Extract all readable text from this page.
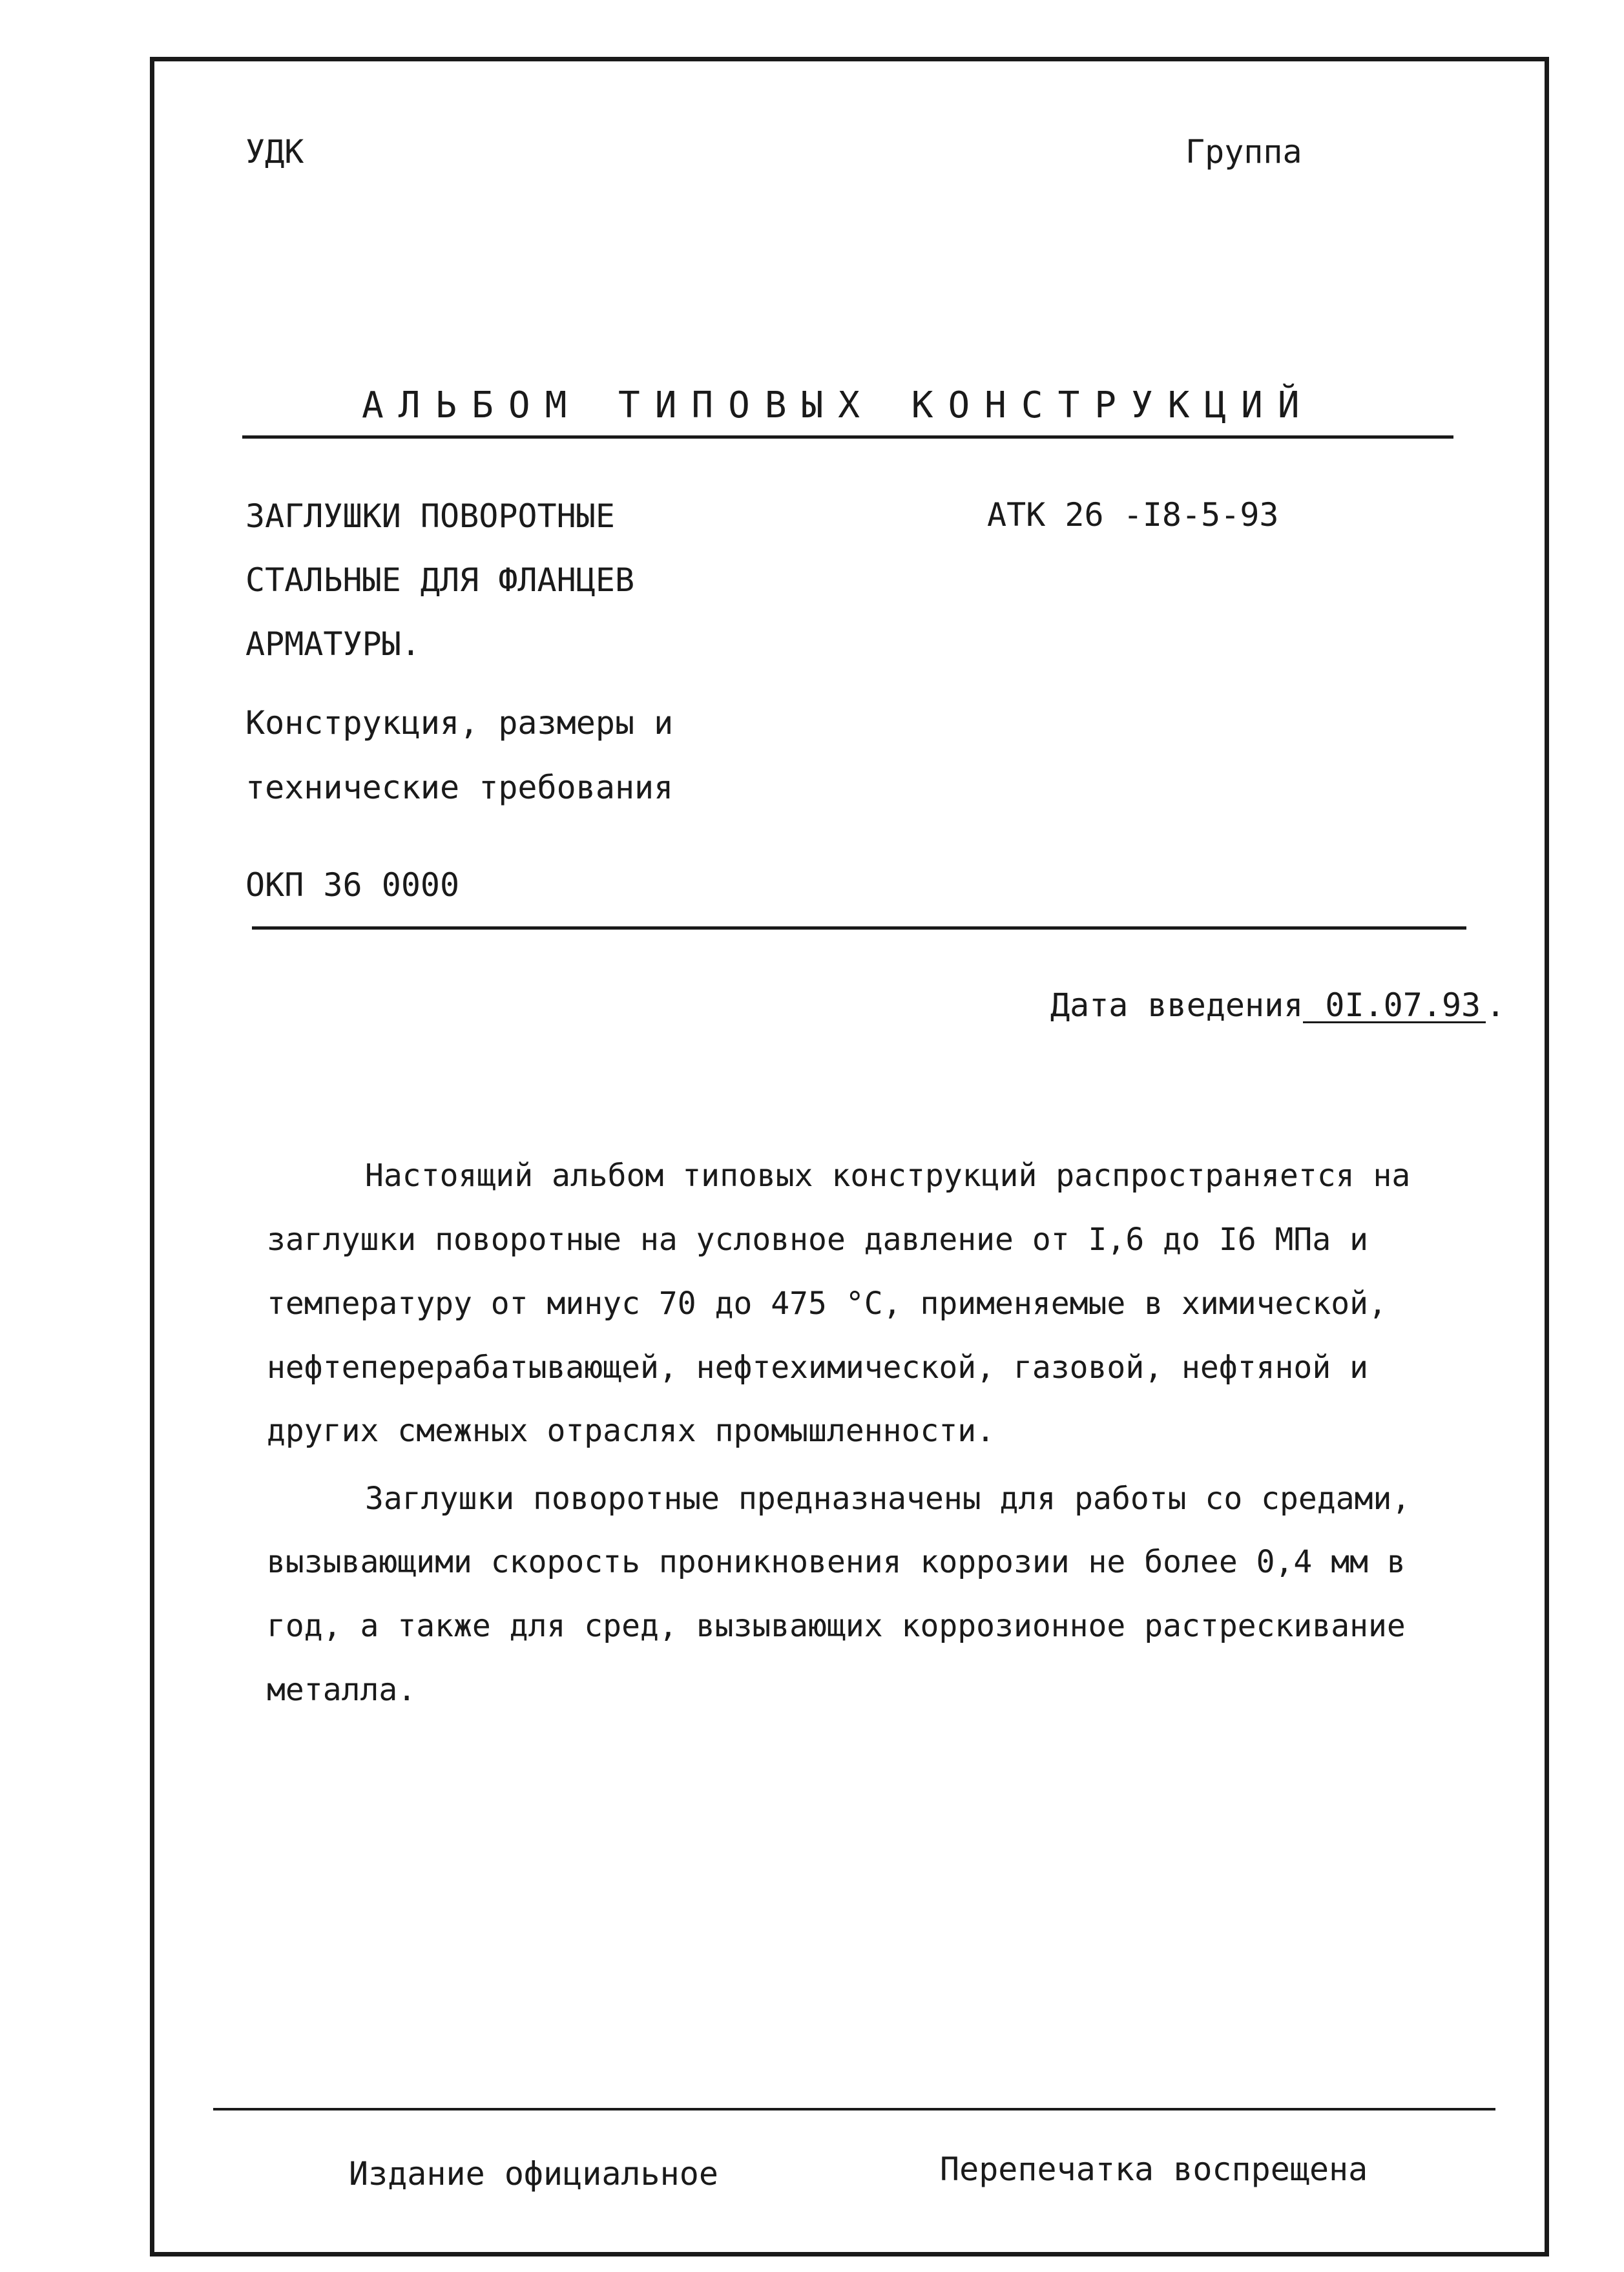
УДК	Группа
АЛЬБОМ ТИПОВЫХ КОНСТРУКЦИЙ
ЗАГЛУШКИ ПОВОРОТНЫЕ
СТАЛЬНЫЕ ДЛЯ ФЛАНЦЕВ
АРМАТУРЫ.
Конструкция, размеры и
технические требования
ОКП 36 0000
АТК 26 -I8-5-93
Дата введения 0I.07.93 .
Настоящий альбом типовых конструкций распространяется на
заглушки поворотные на условное давление от I,6 до I6 МПа и
температуру от минус 70 до 475 °С, применяемые в химической,
нефтеперерабатывающей, нефтехимической, газовой, нефтяной и
других смежных отраслях промышленности.
Заглушки поворотные предназначены для работы со средами,
вызывающими скорость проникновения коррозии не более 0,4 мм в
год, а также для сред, вызывающих коррозионное растрескивание
металла.
Издание официальное	Перепечатка воспрещена
